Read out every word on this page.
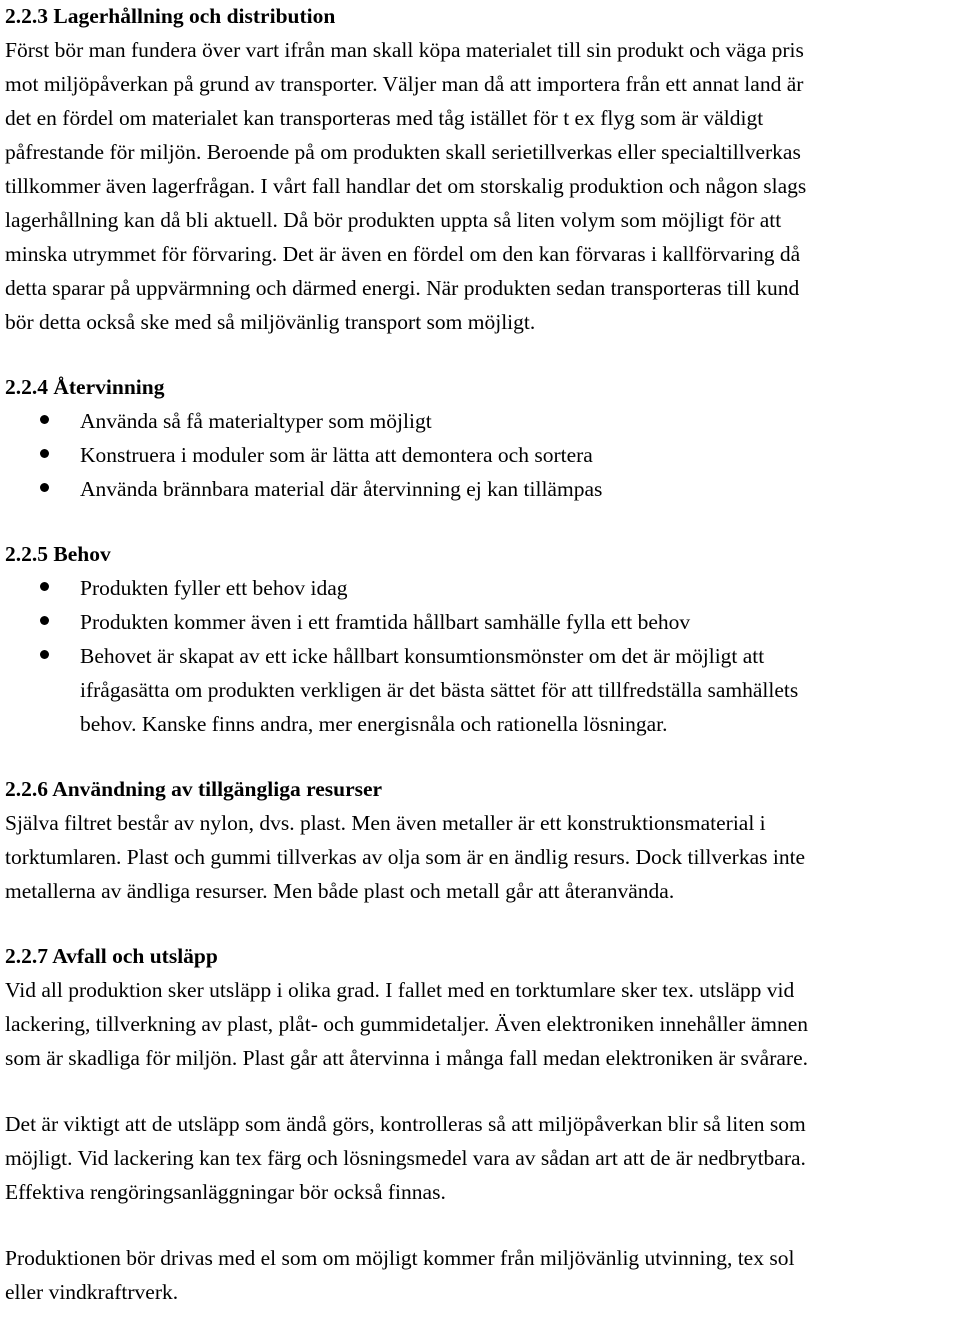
2.2.3 Lagerhållning och distribution
Först bör man fundera över vart ifrån man skall köpa materialet till sin produkt och väga pris
mot miljöpåverkan på grund av transporter. Väljer man då att importera från ett annat land är
det en fördel om materialet kan transporteras med tåg istället för t ex flyg som är väldigt
påfrestande för miljön. Beroende på om produkten skall serietillverkas eller specialtillverkas
tillkommer även lagerfrågan. I vårt fall handlar det om storskalig produktion och någon slags
lagerhållning kan då bli aktuell. Då bör produkten uppta så liten volym som möjligt för att
minska utrymmet för förvaring. Det är även en fördel om den kan förvaras i kallförvaring då
detta sparar på uppvärmning och därmed energi. När produkten sedan transporteras till kund
bör detta också ske med så miljövänlig transport som möjligt.
2.2.4 Återvinning
Använda så få materialtyper som möjligt
Konstruera i moduler som är lätta att demontera och sortera
Använda brännbara material där återvinning ej kan tillämpas
2.2.5 Behov
Produkten fyller ett behov idag
Produkten kommer även i ett framtida hållbart samhälle fylla ett behov
Behovet är skapat av ett icke hållbart konsumtionsmönster om det är möjligt att
ifrågasätta om produkten verkligen är det bästa sättet för att tillfredställa samhällets
behov. Kanske finns andra, mer energisnåla och rationella lösningar.
2.2.6 Användning av tillgängliga resurser
Själva filtret består av nylon, dvs. plast. Men även metaller är ett konstruktionsmaterial i
torktumlaren. Plast och gummi tillverkas av olja som är en ändlig resurs. Dock tillverkas inte
metallerna av ändliga resurser. Men både plast och metall går att återanvända.
2.2.7 Avfall och utsläpp
Vid all produktion sker utsläpp i olika grad. I fallet med en torktumlare sker tex. utsläpp vid
lackering, tillverkning av plast, plåt- och gummidetaljer. Även elektroniken innehåller ämnen
som är skadliga för miljön. Plast går att återvinna i många fall medan elektroniken är svårare.
Det är viktigt att de utsläpp som ändå görs, kontrolleras så att miljöpåverkan blir så liten som
möjligt. Vid lackering kan tex färg och lösningsmedel vara av sådan art att de är nedbrytbara.
Effektiva rengöringsanläggningar bör också finnas.
Produktionen bör drivas med el som om möjligt kommer från miljövänlig utvinning, tex sol
eller vindkraftrverk.
